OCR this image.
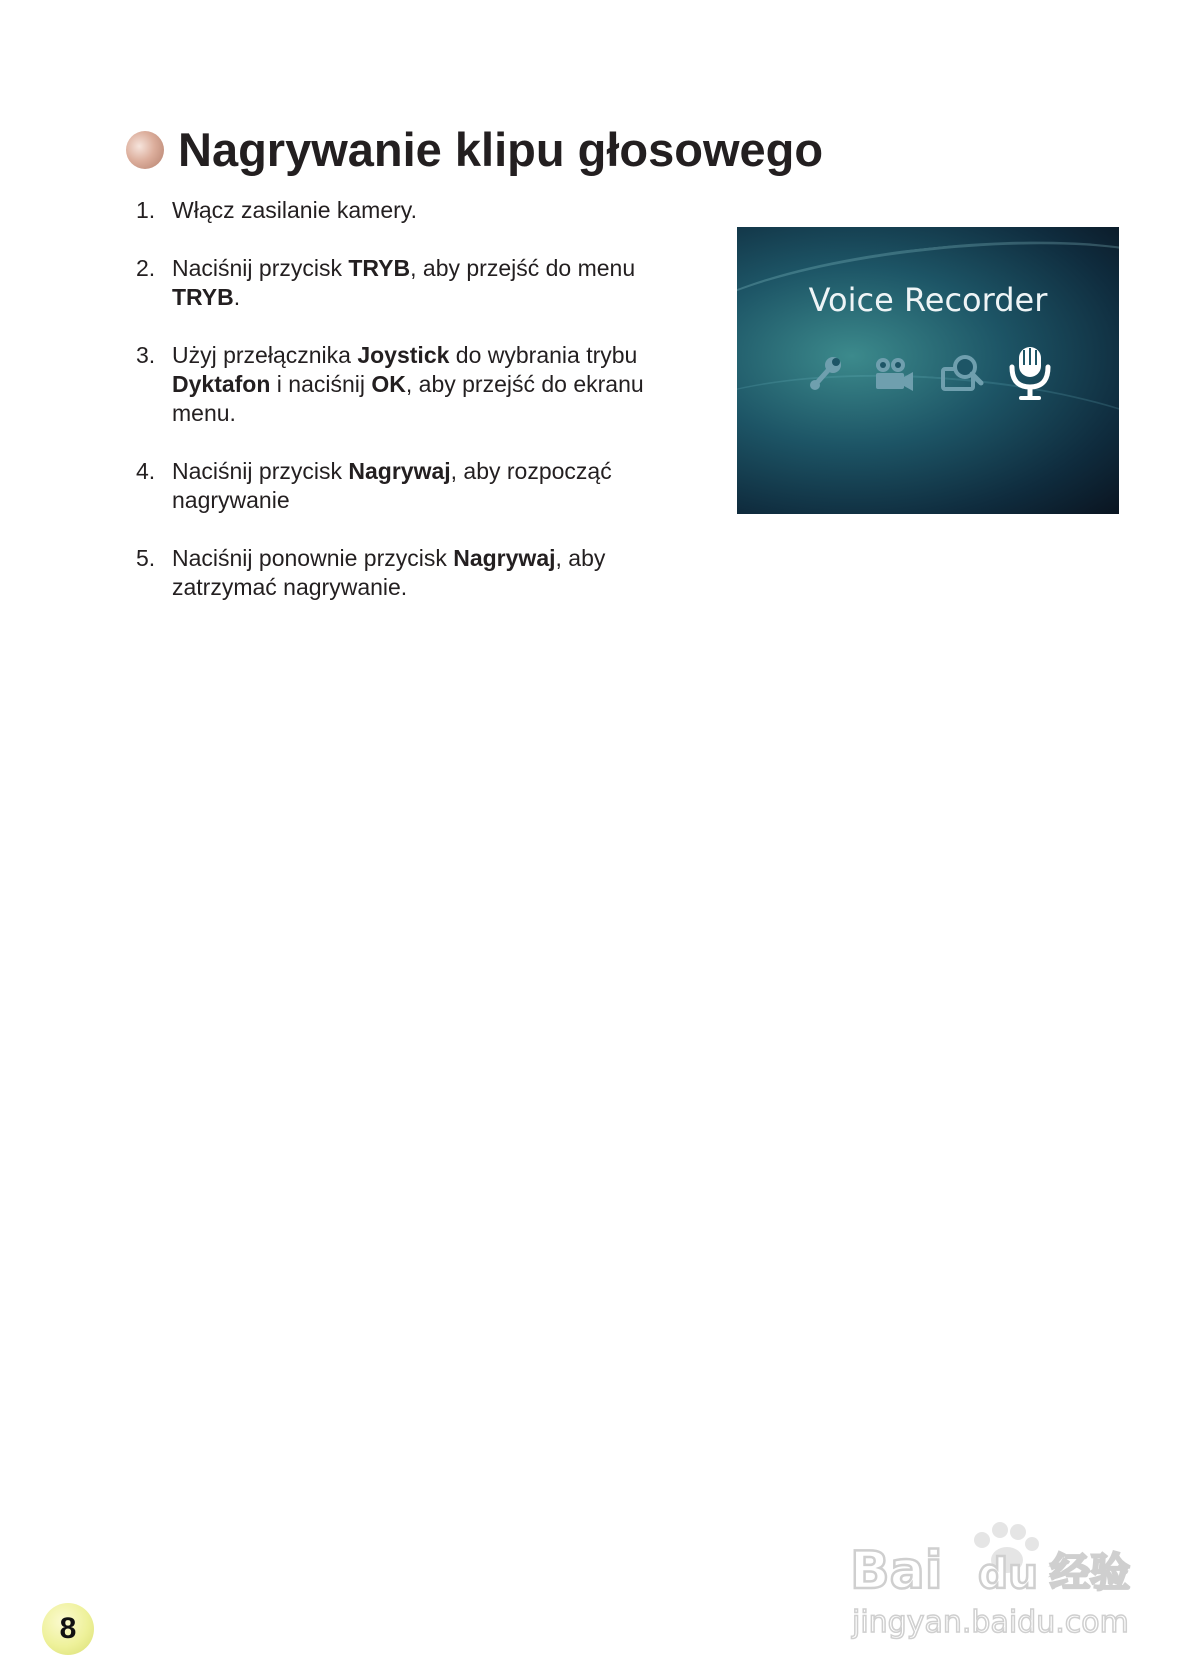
Nagrywanie klipu głosowego
1. Włącz zasilanie kamery.
2. Naciśnij przycisk TRYB, aby przejść do menu
TRYB.
3. Użyj przełącznika Joystick do wybrania trybu
Dyktafon i naciśnij OK, aby przejść do ekranu menu.
4. Naciśnij przycisk Nagrywaj, aby rozpocząć nagrywanie
5. Naciśnij ponownie przycisk Nagrywaj, aby zatrzymać nagrywanie.
Voice Recorder
8
Bai du 经验
jingyan.baidu.com
